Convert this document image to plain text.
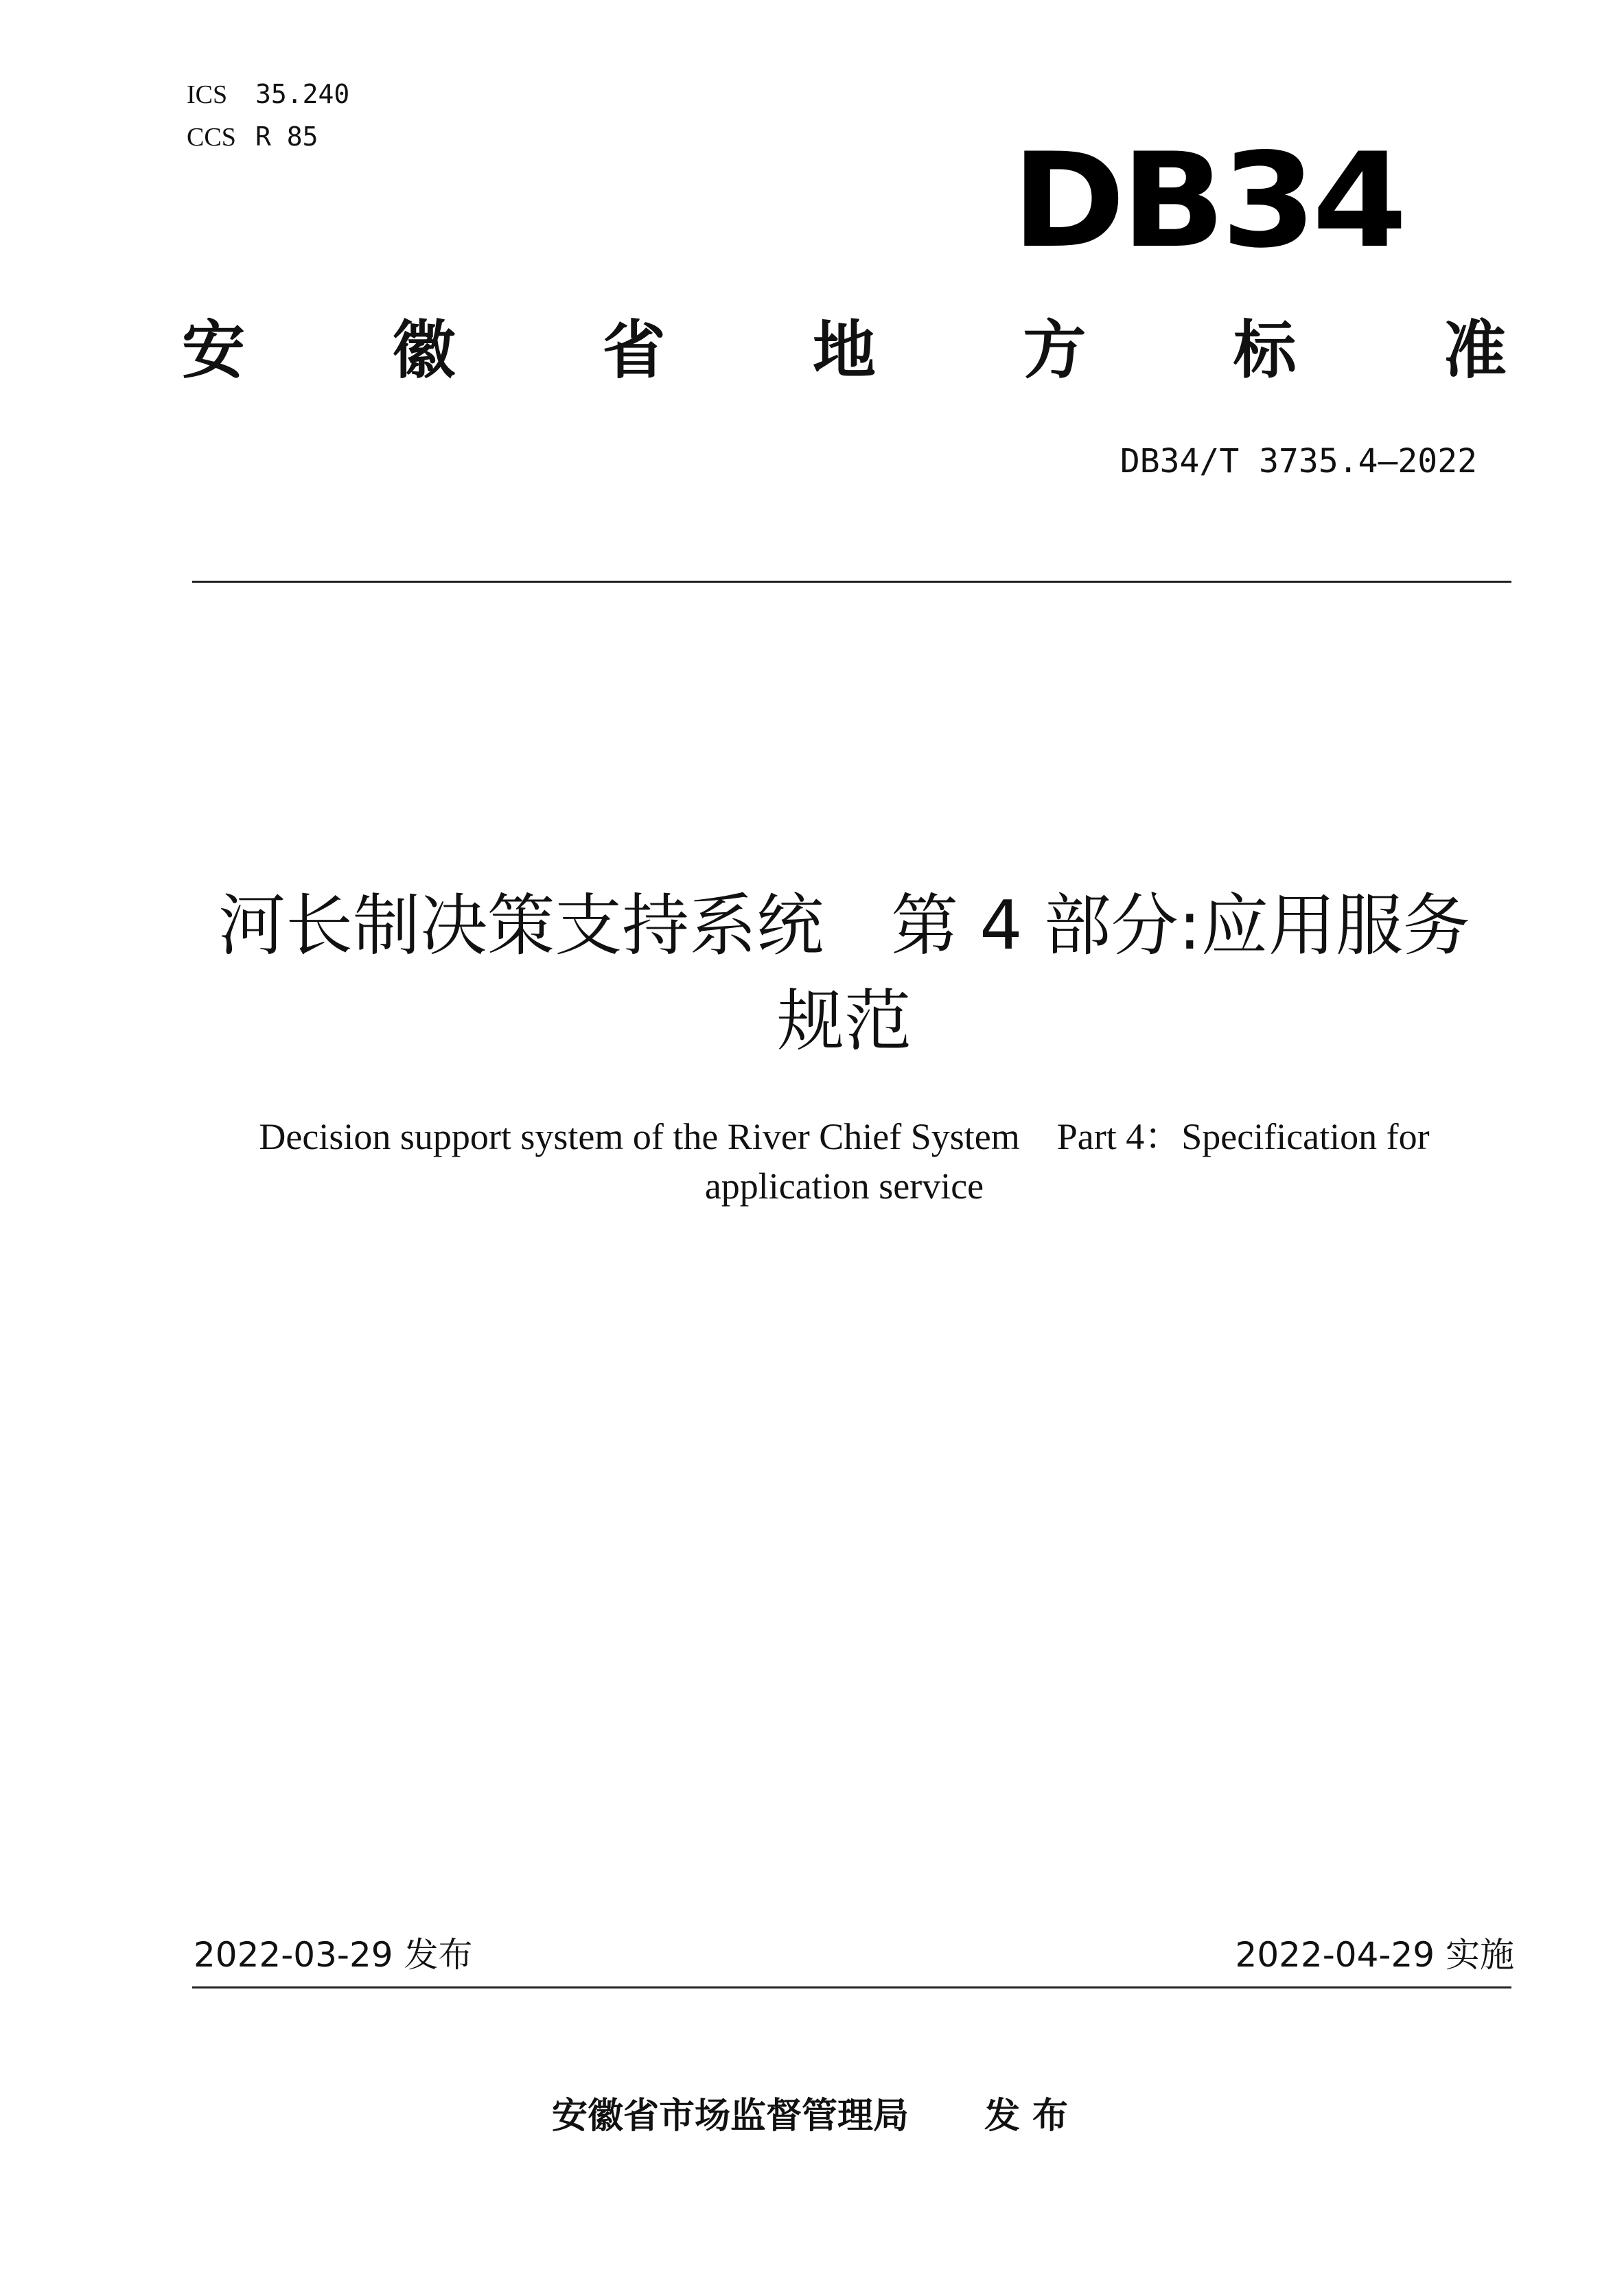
ICS 35.240
CCS R 85	DB34
安 徽 省 地 方 标 准
DB34/T 3735.4—2022
河长制决策支持系统　第 4 部分:应用服务
规范

Decision support system of the River Chief System　Part 4：Specification for
application service

2022-03-29 发布	2022-04-29 实施
安徽省市场监督管理局 发 布
